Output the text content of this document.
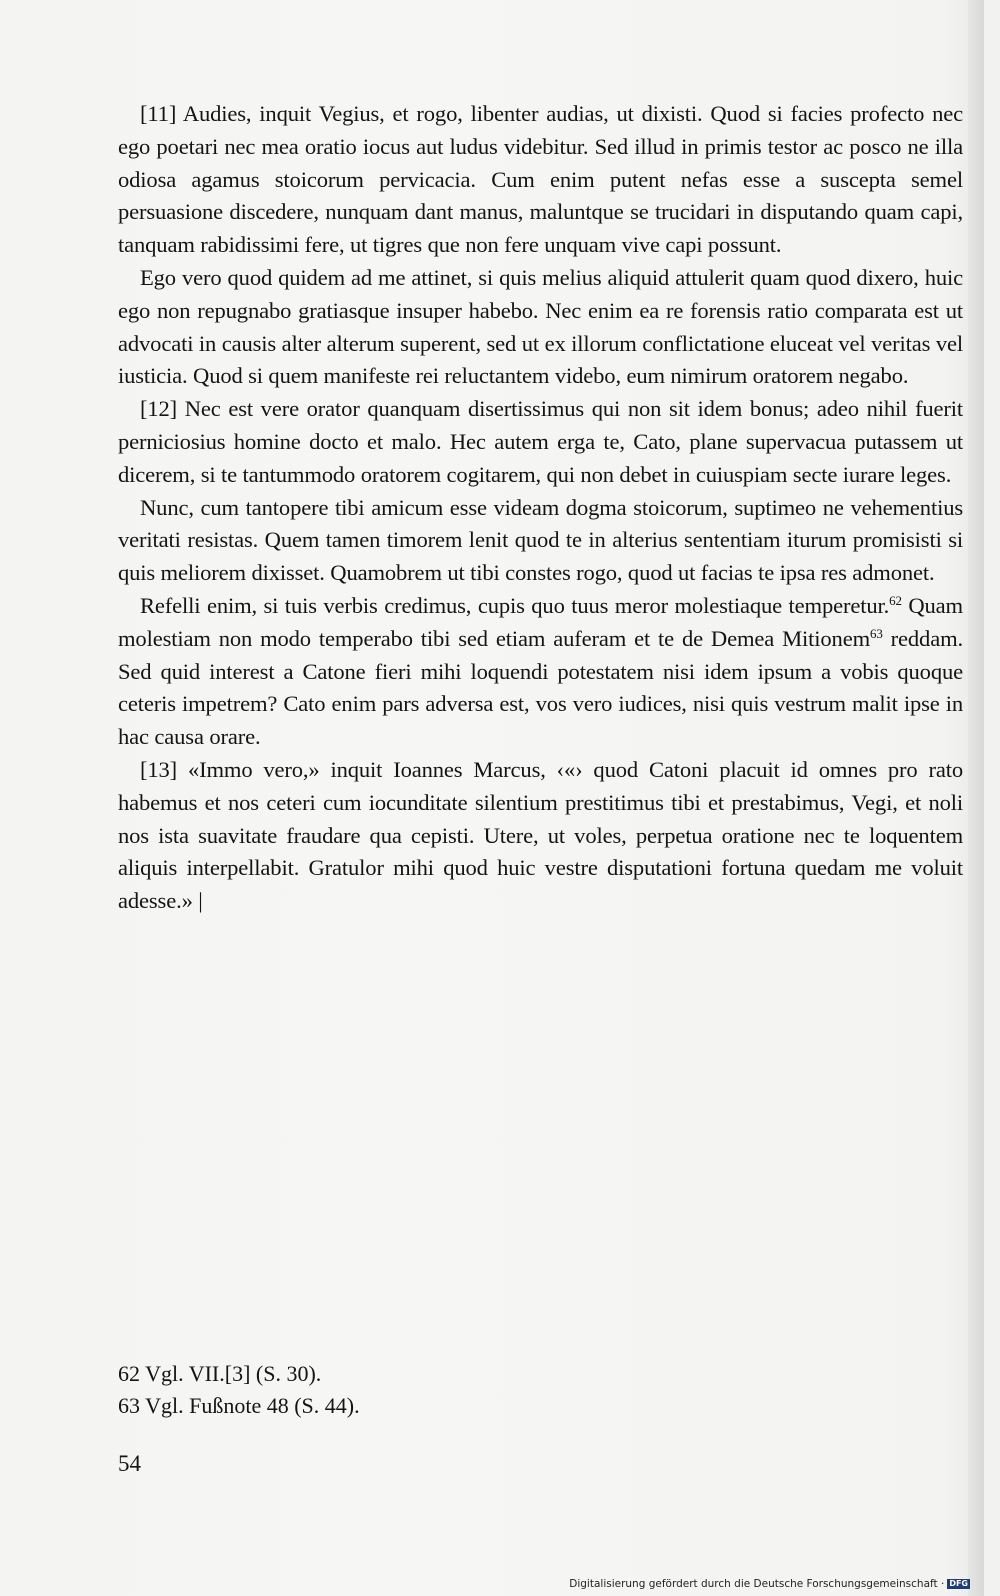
[11] Audies, inquit Vegius, et rogo, libenter audias, ut dixisti. Quod si facies profecto nec ego poetari nec mea oratio iocus aut ludus videbitur. Sed illud in primis testor ac posco ne illa odiosa agamus stoicorum pervicacia. Cum enim putent nefas esse a suscepta semel persuasione discedere, nunquam dant manus, maluntque se trucidari in disputando quam capi, tanquam rabidissimi fere, ut tigres que non fere unquam vive capi possunt.

Ego vero quod quidem ad me attinet, si quis melius aliquid attulerit quam quod dixero, huic ego non repugnabo gratiasque insuper habebo. Nec enim ea re forensis ratio comparata est ut advocati in causis alter alterum superent, sed ut ex illorum conflictatione eluceat vel veritas vel iusticia. Quod si quem manifeste rei reluctantem videbo, eum nimirum oratorem negabo.

[12] Nec est vere orator quanquam disertissimus qui non sit idem bonus; adeo nihil fuerit perniciosius homine docto et malo. Hec autem erga te, Cato, plane supervacua putassem ut dicerem, si te tantummodo oratorem cogitarem, qui non debet in cuiuspiam secte iurare leges.

Nunc, cum tantopere tibi amicum esse videam dogma stoicorum, suptimeo ne vehementius veritati resistas. Quem tamen timorem lenit quod te in alterius sententiam iturum promisisti si quis meliorem dixisset. Quamobrem ut tibi constes rogo, quod ut facias te ipsa res admonet.

Refelli enim, si tuis verbis credimus, cupis quo tuus meror molestiaque temperetur.$^{62}$ Quam molestiam non modo temperabo tibi sed etiam auferam et te de Demea Mitionem$^{63}$ reddam. Sed quid interest a Catone fieri mihi loquendi potestatem nisi idem ipsum a vobis quoque ceteris impetrem? Cato enim pars adversa est, vos vero iudices, nisi quis vestrum malit ipse in hac causa orare.

[13] «Immo vero,» inquit Ioannes Marcus, ‹«› quod Catoni placuit id omnes pro rato habemus et nos ceteri cum iocunditate silentium prestitimus tibi et prestabimus, Vegi, et noli nos ista suavitate fraudare qua cepisti. Utere, ut voles, perpetua oratione nec te loquentem aliquis interpellabit. Gratulor mihi quod huic vestre disputationi fortuna quedam me voluit adesse.» |

62 Vgl. VII.[3] (S. 30).
63 Vgl. Fußnote 48 (S. 44).
54
Digitalisierung gefördert durch die Deutsche Forschungsgemeinschaft · DFG
